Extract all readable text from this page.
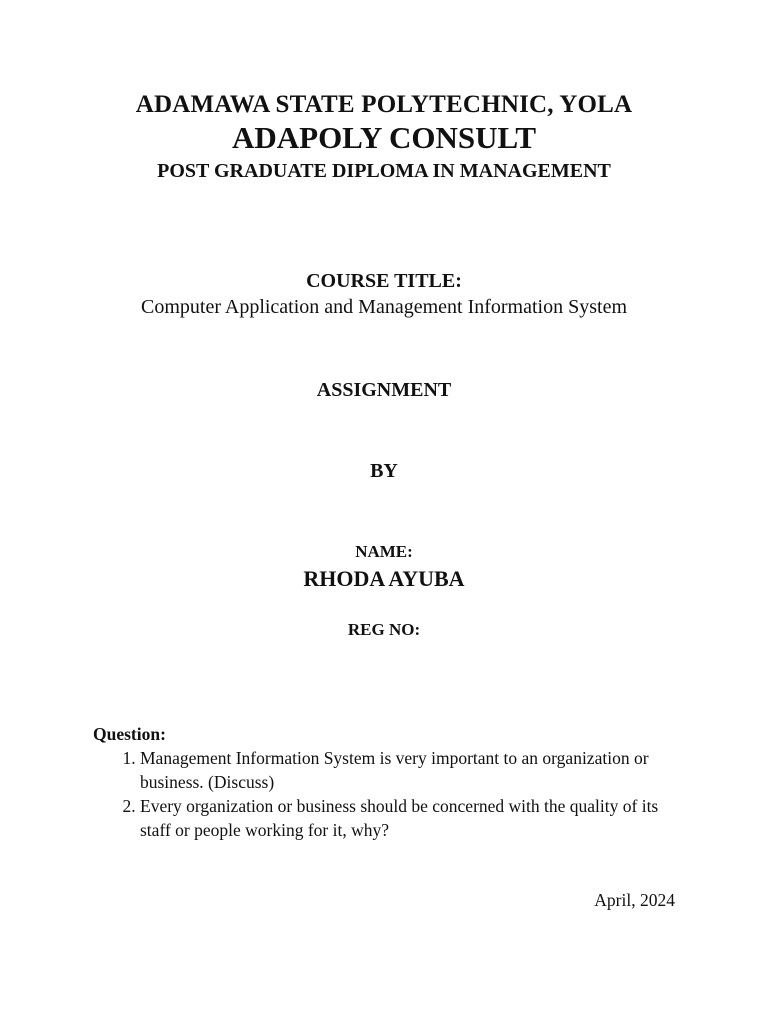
ADAMAWA STATE POLYTECHNIC, YOLA
ADAPOLY CONSULT
POST GRADUATE DIPLOMA IN MANAGEMENT
COURSE TITLE:
Computer Application and Management Information System
ASSIGNMENT
BY
NAME:
RHODA AYUBA
REG NO:
Question:
1. Management Information System is very important to an organization or business. (Discuss)
2. Every organization or business should be concerned with the quality of its staff or people working for it, why?
April, 2024
